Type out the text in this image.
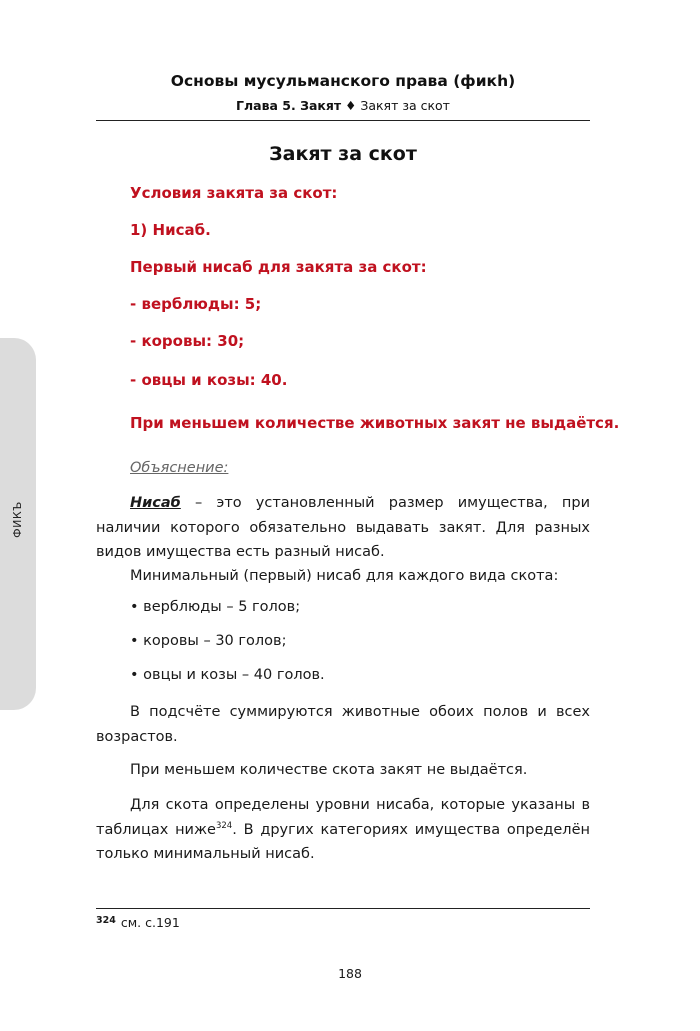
ФИКЪ
Основы мусульманского права (фикh)
Глава 5. Закят ♦ Закят за скот
Закят за скот
Условия закята за скот:
1) Нисаб.
Первый нисаб для закята за скот:
- верблюды: 5;
- коровы: 30;
- овцы и козы: 40.
При меньшем количестве животных закят не выдаётся.
Объяснение:
Нисаб – это установленный размер имущества, при наличии которого обязательно выдавать закят. Для разных видов имущества есть разный нисаб.
Минимальный (первый) нисаб для каждого вида скота:
• верблюды – 5 голов;
• коровы – 30 голов;
• овцы и козы – 40 голов.
В подсчёте суммируются животные обоих полов и всех возрастов.
При меньшем количестве скота закят не выдаётся.
Для скота определены уровни нисаба, которые указаны в таблицах ниже$^{324}$. В других категориях имущества определён только минимальный нисаб.
$^{324}$ см. с.191
188
